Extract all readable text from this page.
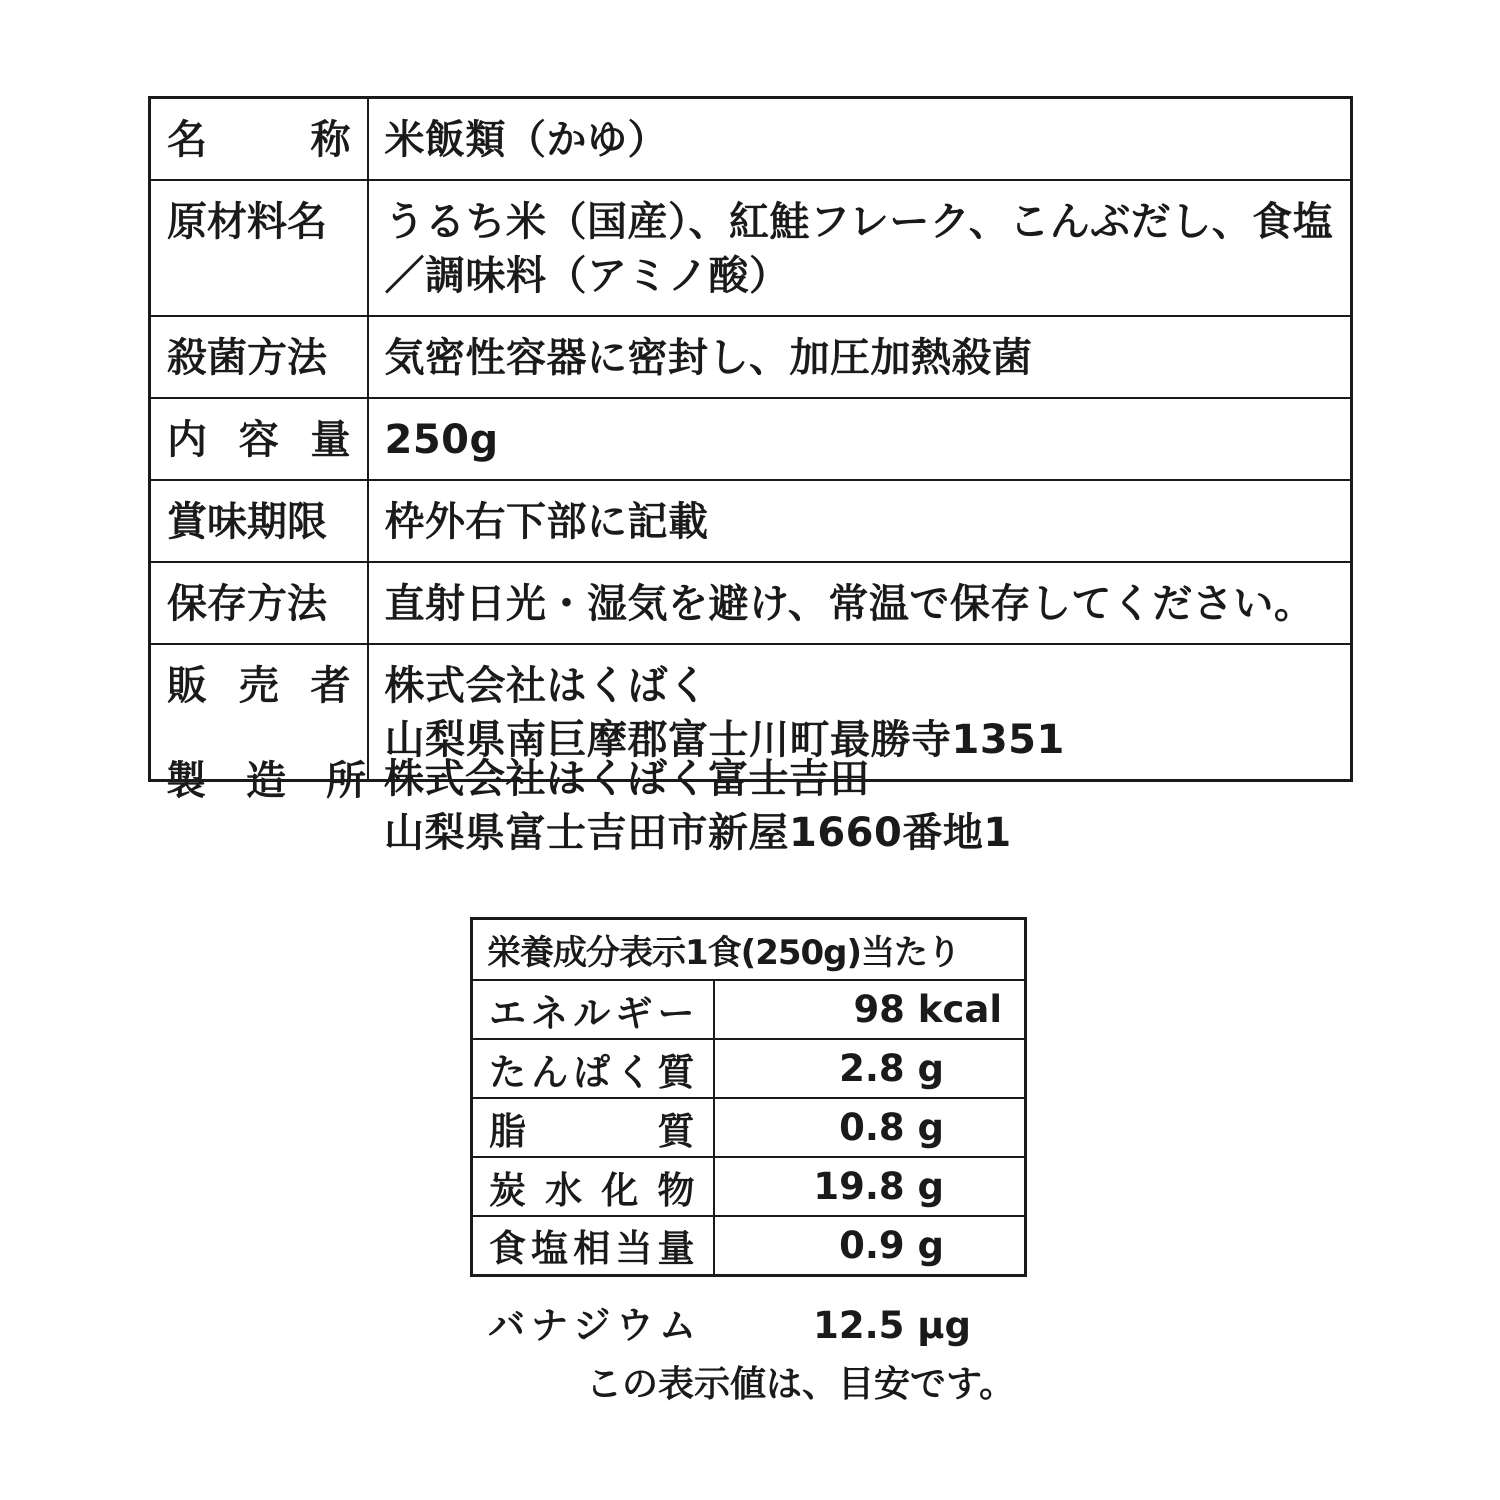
名　　称	米飯類（かゆ）

原材料名	うるち米（国産）、紅鮭フレーク、こんぶだし、食塩
／調味料（アミノ酸）

殺菌方法	気密性容器に密封し、加圧加熱殺菌

内 容 量	250g

賞味期限	枠外右下部に記載

保存方法	直射日光・湿気を避け、常温で保存してください。

販 売 者	株式会社はくばく
山梨県南巨摩郡富士川町最勝寺1351
製 造 所 株式会社はくばく富士吉田
山梨県富士吉田市新屋1660番地1
栄養成分表示1食(250g)当たり	
エネルギー	98 kcal
たんぱく質	2.8 g
脂　　　質	0.8 g
炭 水 化 物	19.8 g
食塩相当量	0.9 g
バナジウム	12.5 μg
この表示値は、目安です。
